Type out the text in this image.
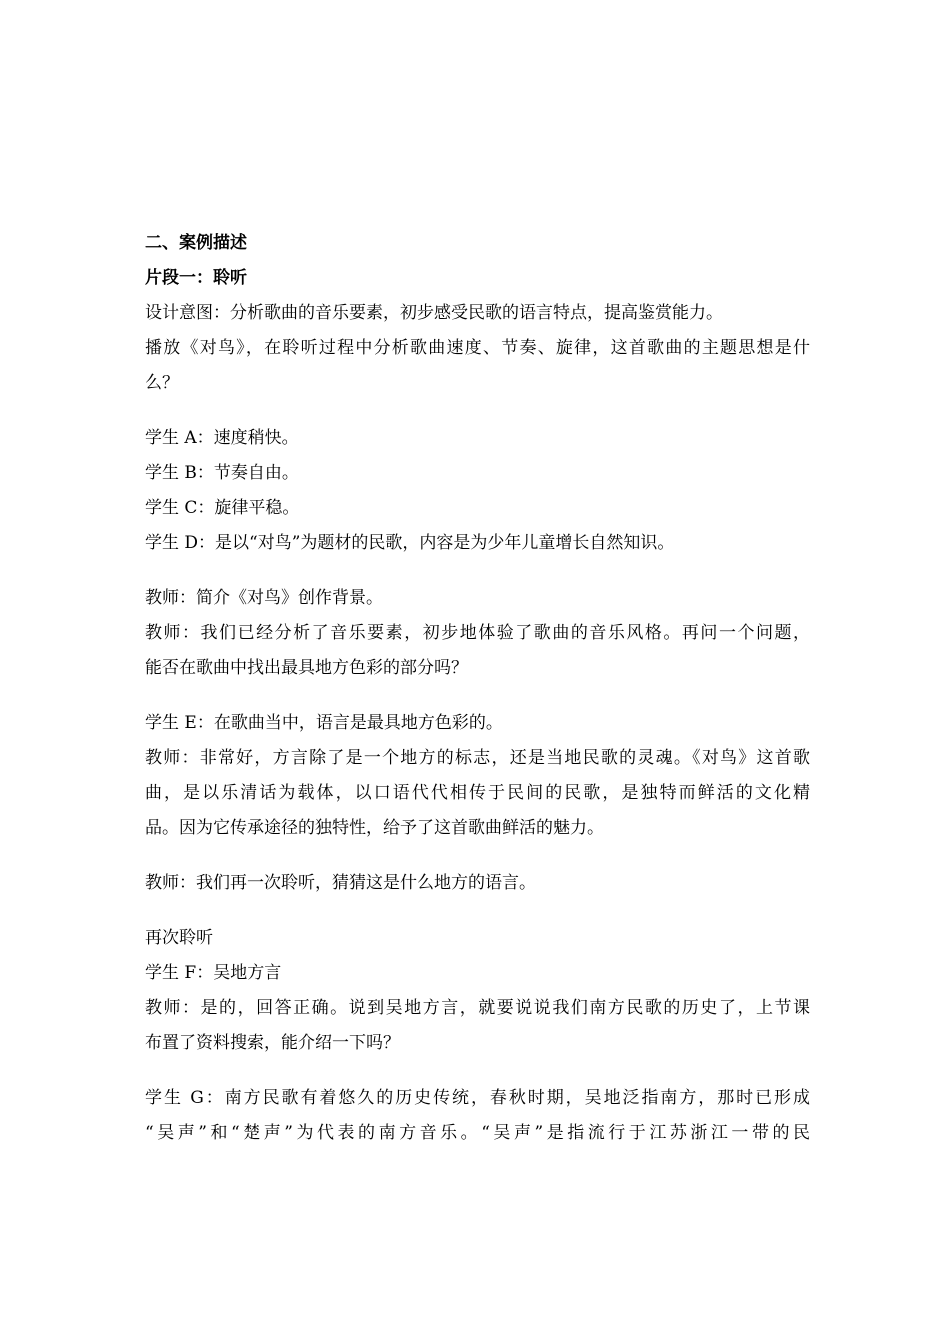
二、案例描述
片段一：聆听
设计意图：分析歌曲的音乐要素，初步感受民歌的语言特点，提高鉴赏能力。
播放《对鸟》，在聆听过程中分析歌曲速度、节奏、旋律，这首歌曲的主题思想是什
么？
学生 A：速度稍快。
学生 B：节奏自由。
学生 C：旋律平稳。
学生 D：是以“对鸟”为题材的民歌，内容是为少年儿童增长自然知识。
教师：简介《对鸟》创作背景。
教师：我们已经分析了音乐要素，初步地体验了歌曲的音乐风格。再问一个问题，
能否在歌曲中找出最具地方色彩的部分吗？
学生 E：在歌曲当中，语言是最具地方色彩的。
教师：非常好，方言除了是一个地方的标志，还是当地民歌的灵魂。《对鸟》这首歌
曲，是以乐清话为载体，以口语代代相传于民间的民歌，是独特而鲜活的文化精
品。因为它传承途径的独特性，给予了这首歌曲鲜活的魅力。
教师：我们再一次聆听，猜猜这是什么地方的语言。
再次聆听
学生 F：吴地方言
教师：是的，回答正确。说到吴地方言，就要说说我们南方民歌的历史了，上节课
布置了资料搜索，能介绍一下吗？
学生 G：南方民歌有着悠久的历史传统，春秋时期，吴地泛指南方，那时已形成
“吴声”和“楚声”为代表的南方音乐。“吴声”是指流行于江苏浙江一带的民
